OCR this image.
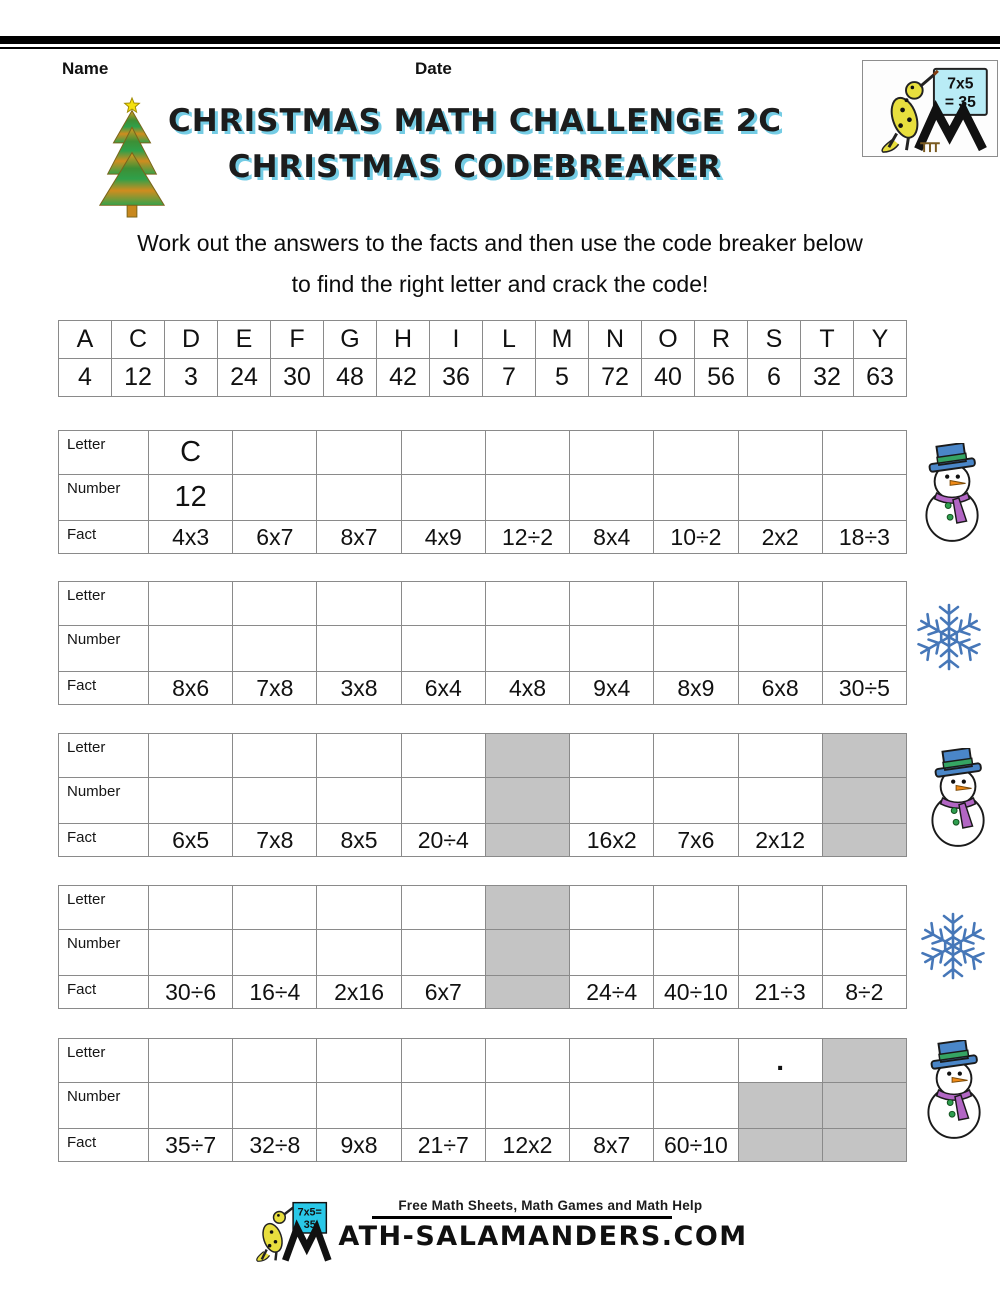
Name	Date
7x5
= 35
CHRISTMAS MATH CHALLENGE 2C
CHRISTMAS CODEBREAKER
Work out the answers to the facts and then use the code breaker below
to find the right letter and crack the code!
A	C	D	E	F	G	H	I	L	M	N	O	R	S	T	Y
4	12	3	24	30	48	42	36	7	5	72	40	56	6	32	63
Letter	C								
Number	12								
Fact	4x3	6x7	8x7	4x9	12÷2	8x4	10÷2	2x2	18÷3
Letter									
Number									
Fact	8x6	7x8	3x8	6x4	4x8	9x4	8x9	6x8	30÷5
Letter									
Number									
Fact	6x5	7x8	8x5	20÷4		16x2	7x6	2x12	
Letter									
Number									
Fact	30÷6	16÷4	2x16	6x7		24÷4	40÷10	21÷3	8÷2
Letter								.	
Number									
Fact	35÷7	32÷8	9x8	21÷7	12x2	8x7	60÷10		
7x5=
35
Free Math Sheets, Math Games and Math Help
ATH-SALAMANDERS.COM
